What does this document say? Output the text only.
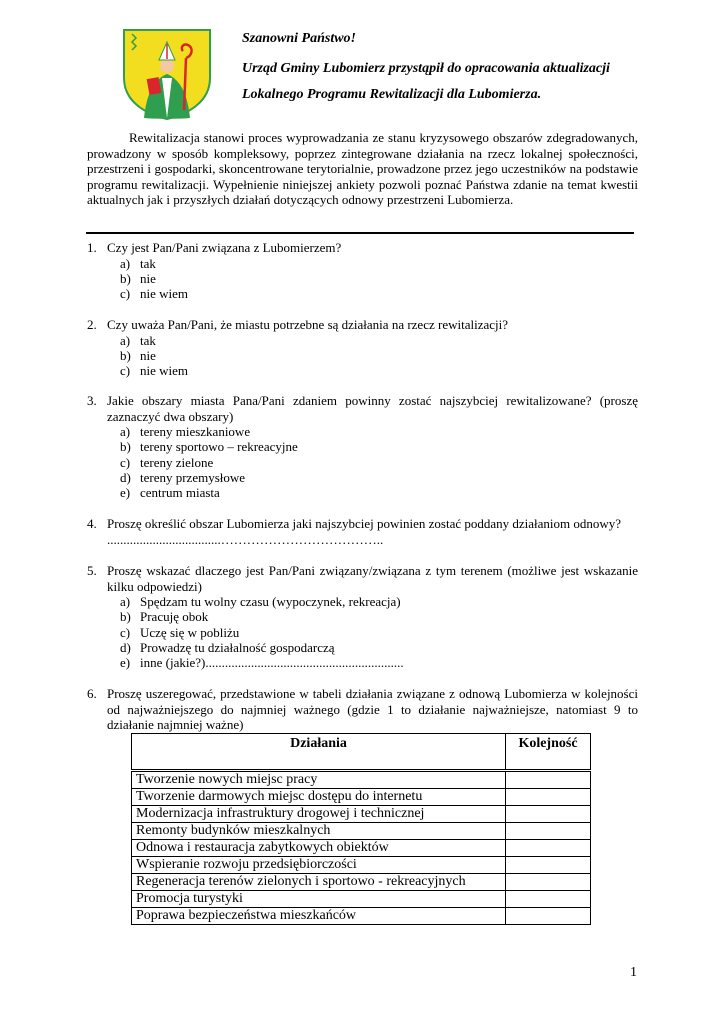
Szanowni Państwo!
Urząd Gminy Lubomierz przystąpił do opracowania aktualizacji
Lokalnego Programu Rewitalizacji dla Lubomierza.

Rewitalizacja stanowi proces wyprowadzania ze stanu kryzysowego obszarów zdegradowanych, prowadzony w sposób kompleksowy, poprzez zintegrowane działania na rzecz lokalnej społeczności, przestrzeni i gospodarki, skoncentrowane terytorialnie, prowadzone przez jego uczestników na podstawie programu rewitalizacji. Wypełnienie niniejszej ankiety pozwoli poznać Państwa zdanie na temat kwestii aktualnych jak i przyszłych działań dotyczących odnowy przestrzeni Lubomierza.

1. Czy jest Pan/Pani związana z Lubomierzem?
a) tak
b) nie
c) nie wiem
2. Czy uważa Pan/Pani, że miastu potrzebne są działania na rzecz rewitalizacji?
a) tak
b) nie
c) nie wiem
3. Jakie obszary miasta Pana/Pani zdaniem powinny zostać najszybciej rewitalizowane? (proszę zaznaczyć dwa obszary)
a) tereny mieszkaniowe
b) tereny sportowo – rekreacyjne
c) tereny zielone
d) tereny przemysłowe
e) centrum miasta
4. Proszę określić obszar Lubomierza jaki najszybciej powinien zostać poddany działaniom odnowy? ...................................………………………………..
5. Proszę wskazać dlaczego jest Pan/Pani związany/związana z tym terenem (możliwe jest wskazanie kilku odpowiedzi)
a) Spędzam tu wolny czasu (wypoczynek, rekreacja)
b) Pracuję obok
c) Uczę się w pobliżu
d) Prowadzę tu działalność gospodarczą
e) inne (jakie?).............................................................
6. Proszę uszeregować, przedstawione w tabeli działania związane z odnową Lubomierza w kolejności od najważniejszego do najmniej ważnego (gdzie 1 to działanie najważniejsze, natomiast 9 to działanie najmniej ważne)
Działania	Kolejność
Tworzenie nowych miejsc pracy	
Tworzenie darmowych miejsc dostępu do internetu	
Modernizacja infrastruktury drogowej i technicznej	
Remonty budynków mieszkalnych	
Odnowa i restauracja zabytkowych obiektów	
Wspieranie rozwoju przedsiębiorczości	
Regeneracja terenów zielonych i sportowo - rekreacyjnych	
Promocja turystyki	
Poprawa bezpieczeństwa mieszkańców	
1
